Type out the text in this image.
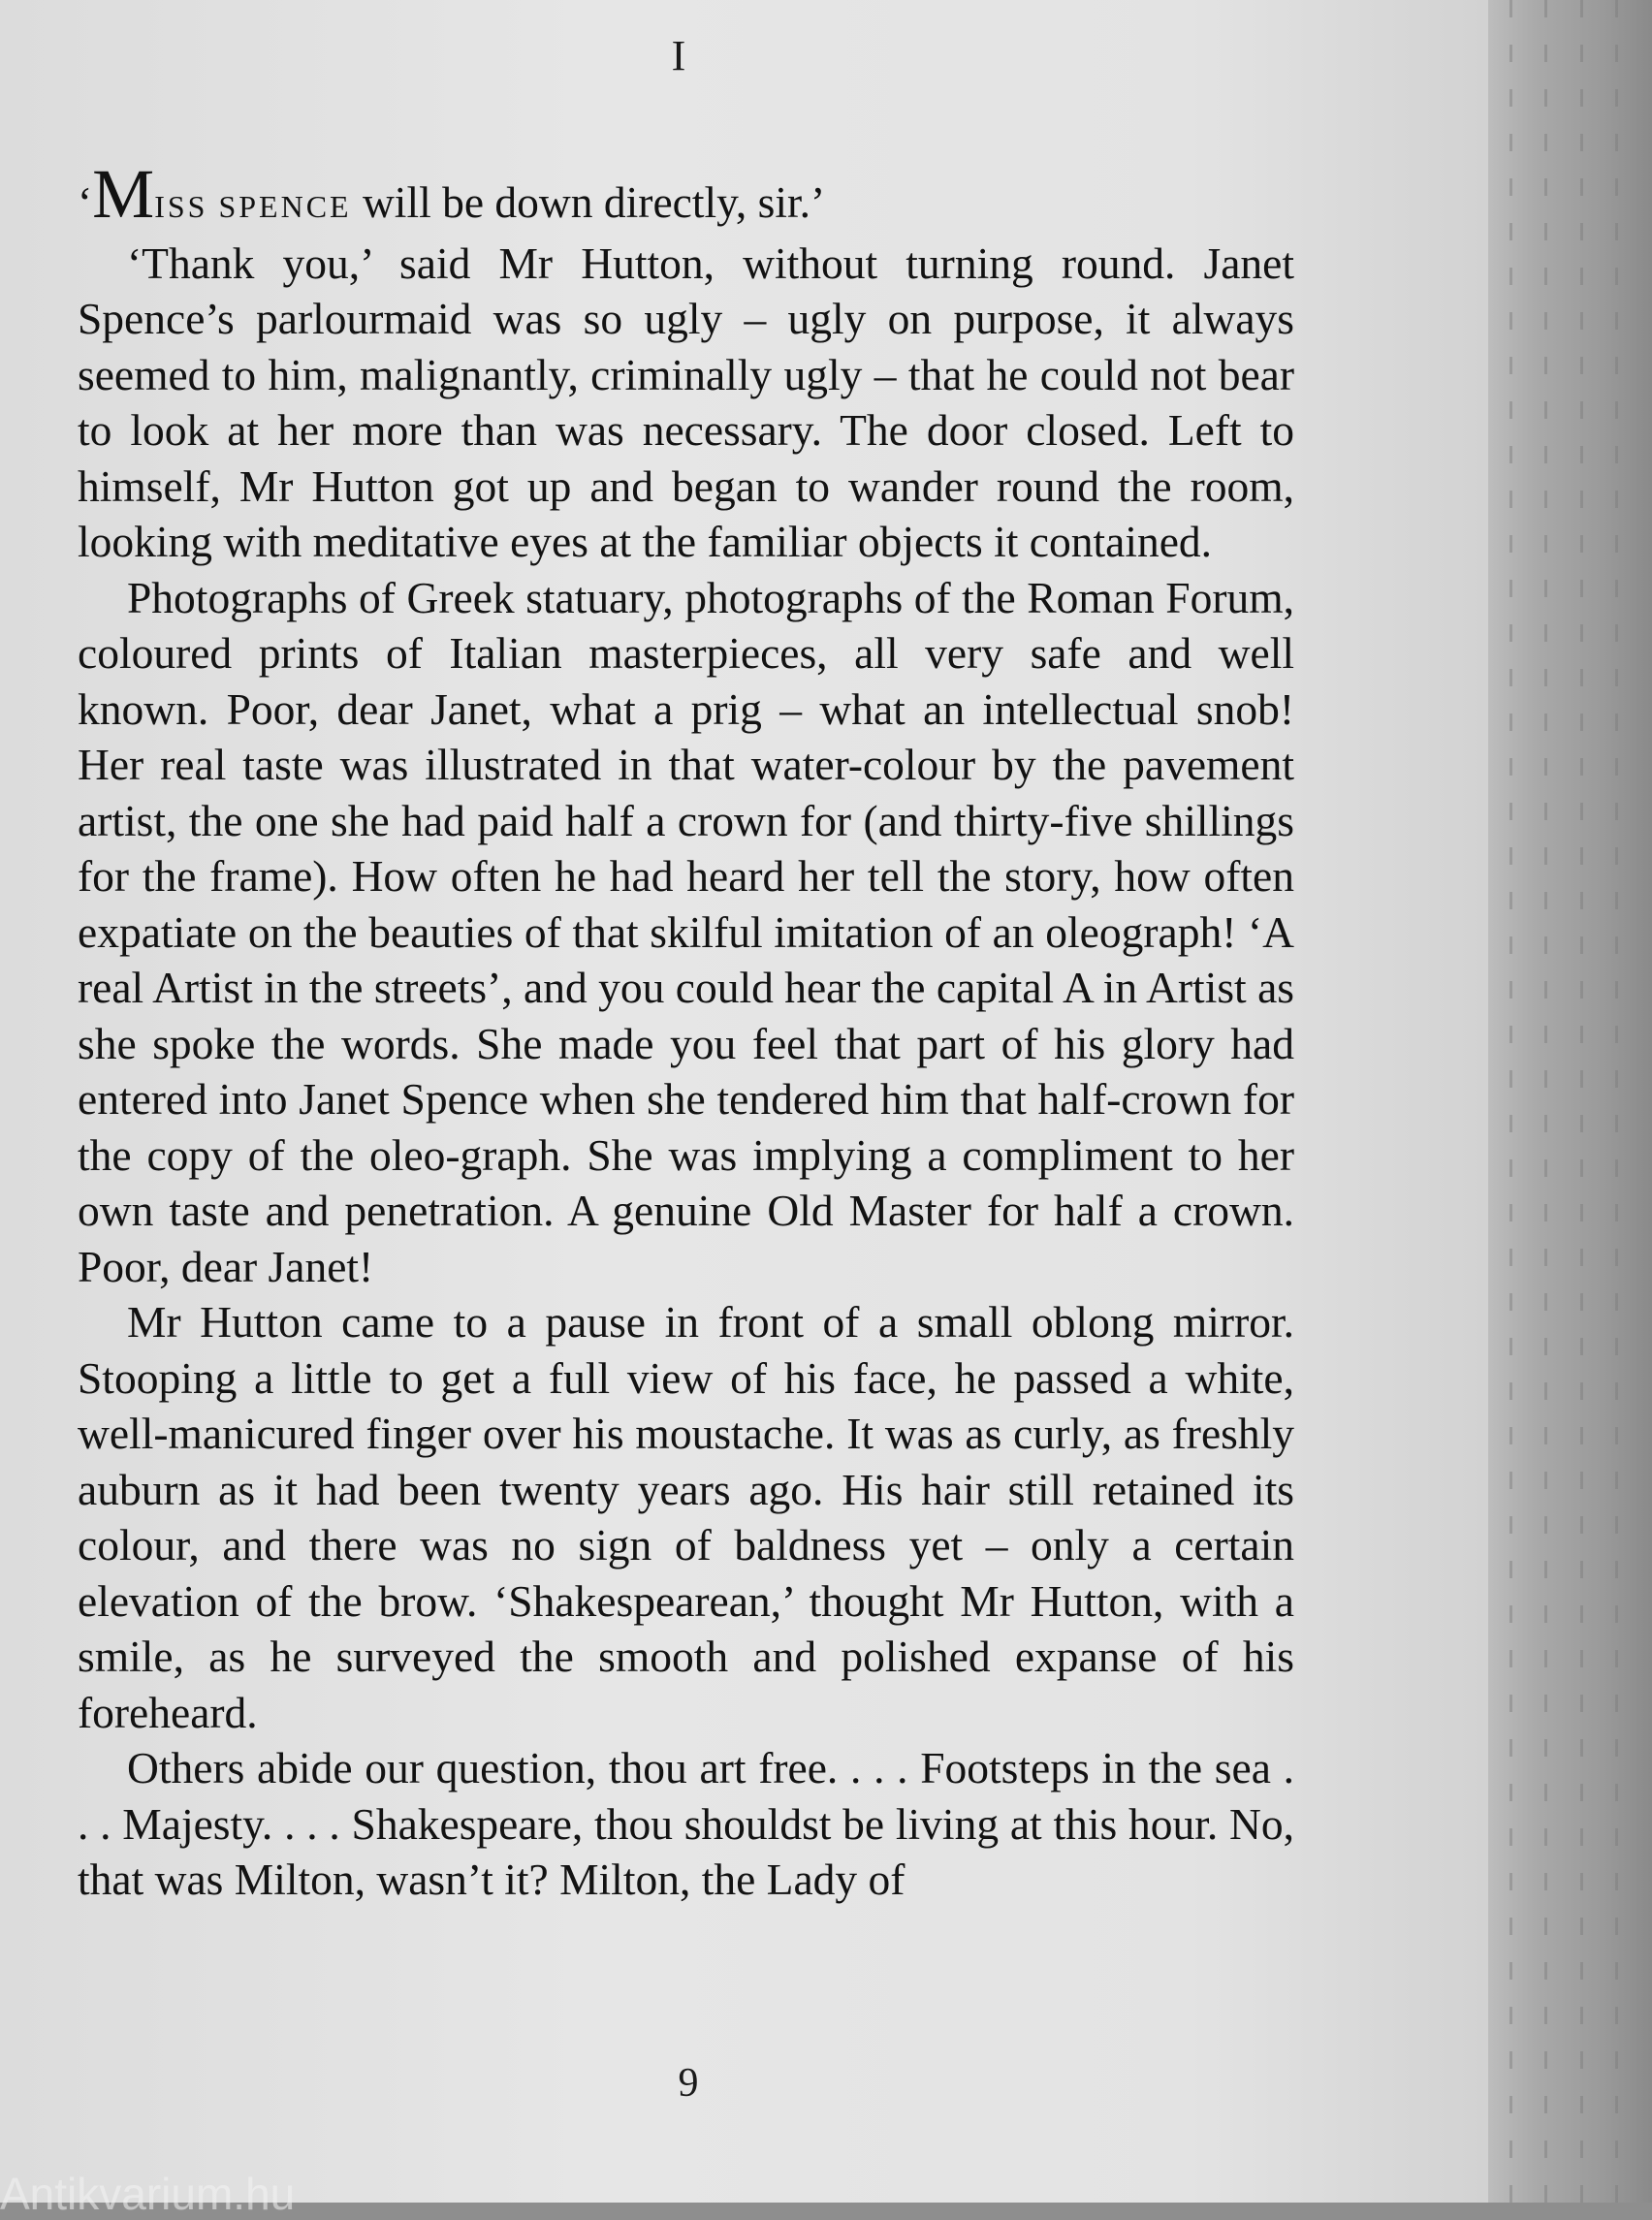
I

‘MISS SPENCE will be down directly, sir.’

‘Thank you,’ said Mr Hutton, without turning round. Janet Spence’s parlourmaid was so ugly – ugly on purpose, it always seemed to him, malignantly, criminally ugly – that he could not bear to look at her more than was necessary. The door closed. Left to himself, Mr Hutton got up and began to wander round the room, looking with meditative eyes at the familiar objects it contained.

Photographs of Greek statuary, photographs of the Roman Forum, coloured prints of Italian masterpieces, all very safe and well known. Poor, dear Janet, what a prig – what an intellectual snob! Her real taste was illustrated in that water-colour by the pavement artist, the one she had paid half a crown for (and thirty-five shillings for the frame). How often he had heard her tell the story, how often expatiate on the beauties of that skilful imitation of an oleograph! ‘A real Artist in the streets’, and you could hear the capital A in Artist as she spoke the words. She made you feel that part of his glory had entered into Janet Spence when she tendered him that half-crown for the copy of the oleo-graph. She was implying a compliment to her own taste and penetration. A genuine Old Master for half a crown. Poor, dear Janet!

Mr Hutton came to a pause in front of a small oblong mirror. Stooping a little to get a full view of his face, he passed a white, well-manicured finger over his moustache. It was as curly, as freshly auburn as it had been twenty years ago. His hair still retained its colour, and there was no sign of baldness yet – only a certain elevation of the brow. ‘Shakespearean,’ thought Mr Hutton, with a smile, as he surveyed the smooth and polished expanse of his foreheard.

Others abide our question, thou art free. . . . Footsteps in the sea . . . Majesty. . . . Shakespeare, thou shouldst be living at this hour. No, that was Milton, wasn’t it? Milton, the Lady of

9
Antikvarium.hu
